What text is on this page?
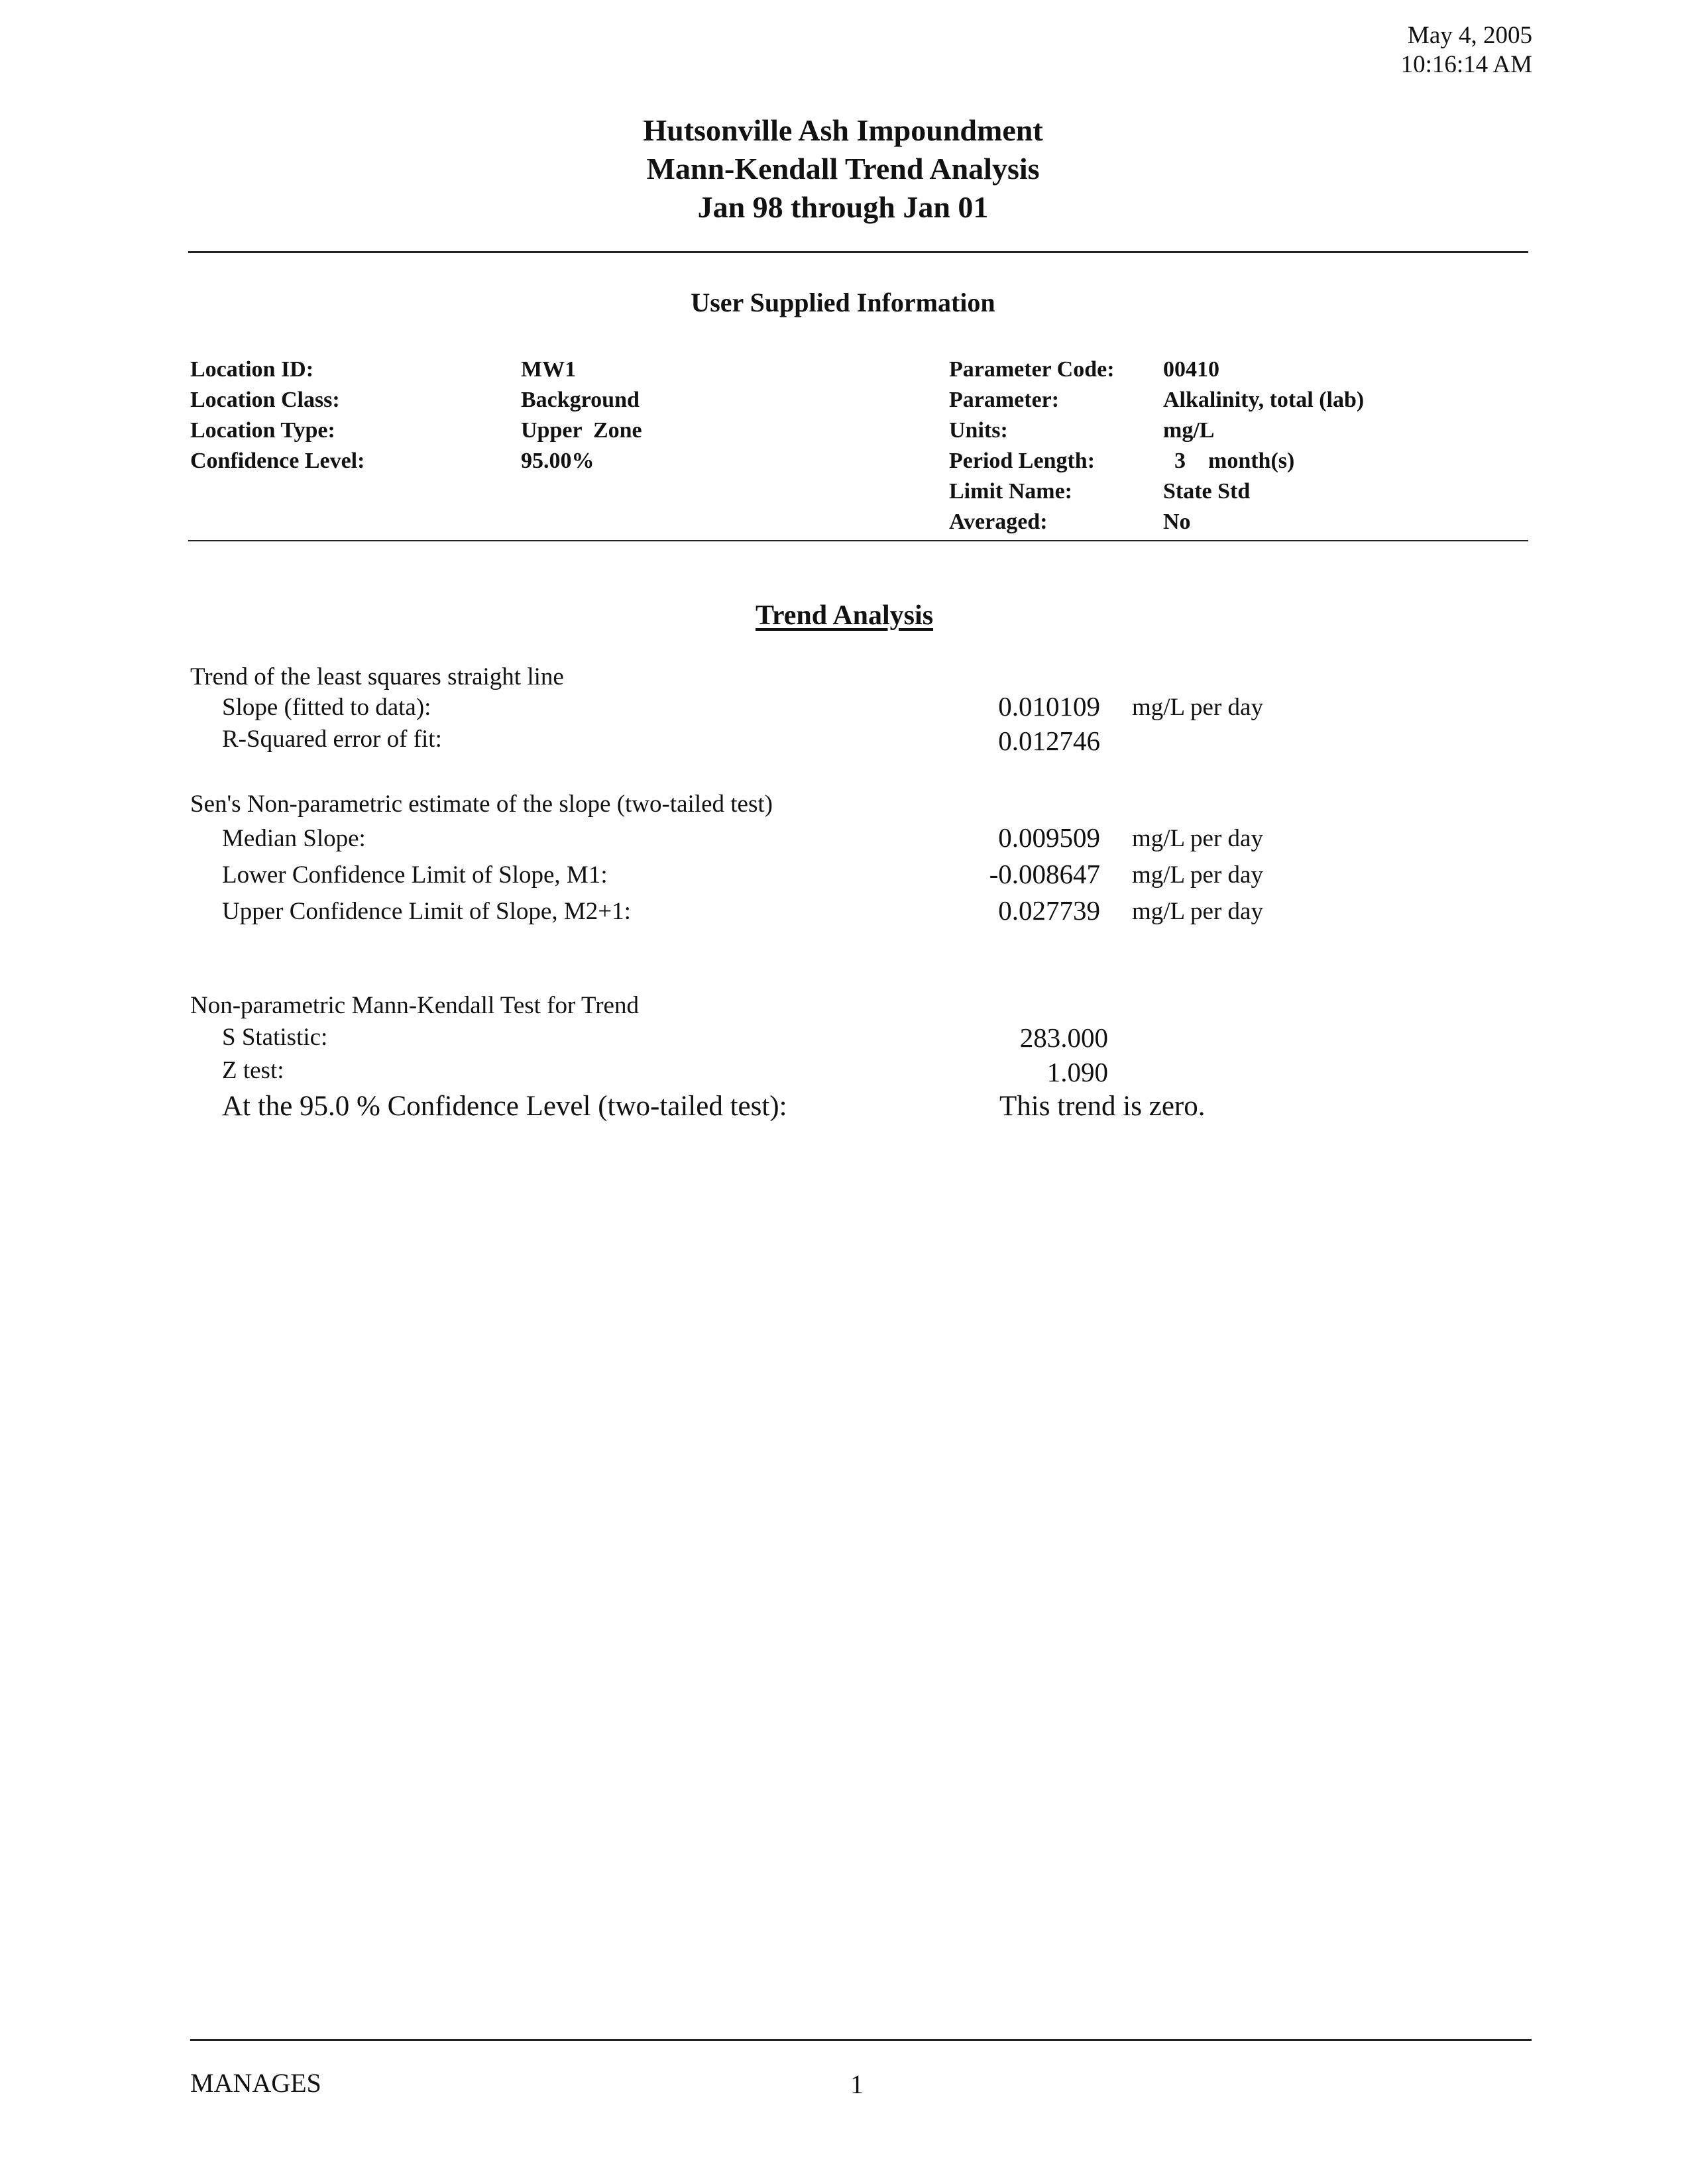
May 4, 2005
10:16:14 AM
Hutsonville Ash Impoundment
Mann-Kendall Trend Analysis
Jan 98 through Jan 01
User Supplied Information
Location ID:	MW1
Location Class:	Background
Location Type:	Upper  Zone
Confidence Level:	95.00%
Parameter Code: 00410
Parameter:	Alkalinity, total (lab)
Units:	mg/L
Period Length:	3    month(s)
Limit Name:	State Std
Averaged:	No
Trend Analysis
Trend of the least squares straight line
Slope (fitted to data):	0.010109 mg/L per day
R-Squared error of fit:	0.012746
Sen's Non-parametric estimate of the slope (two-tailed test)
Median Slope:	0.009509 mg/L per day
Lower Confidence Limit of Slope, M1:	-0.008647 mg/L per day
Upper Confidence Limit of Slope, M2+1:	0.027739 mg/L per day
Non-parametric Mann-Kendall Test for Trend
S Statistic:	283.000
Z test:	1.090
At the 95.0 % Confidence Level (two-tailed test):	This trend is zero.
MANAGES	1
